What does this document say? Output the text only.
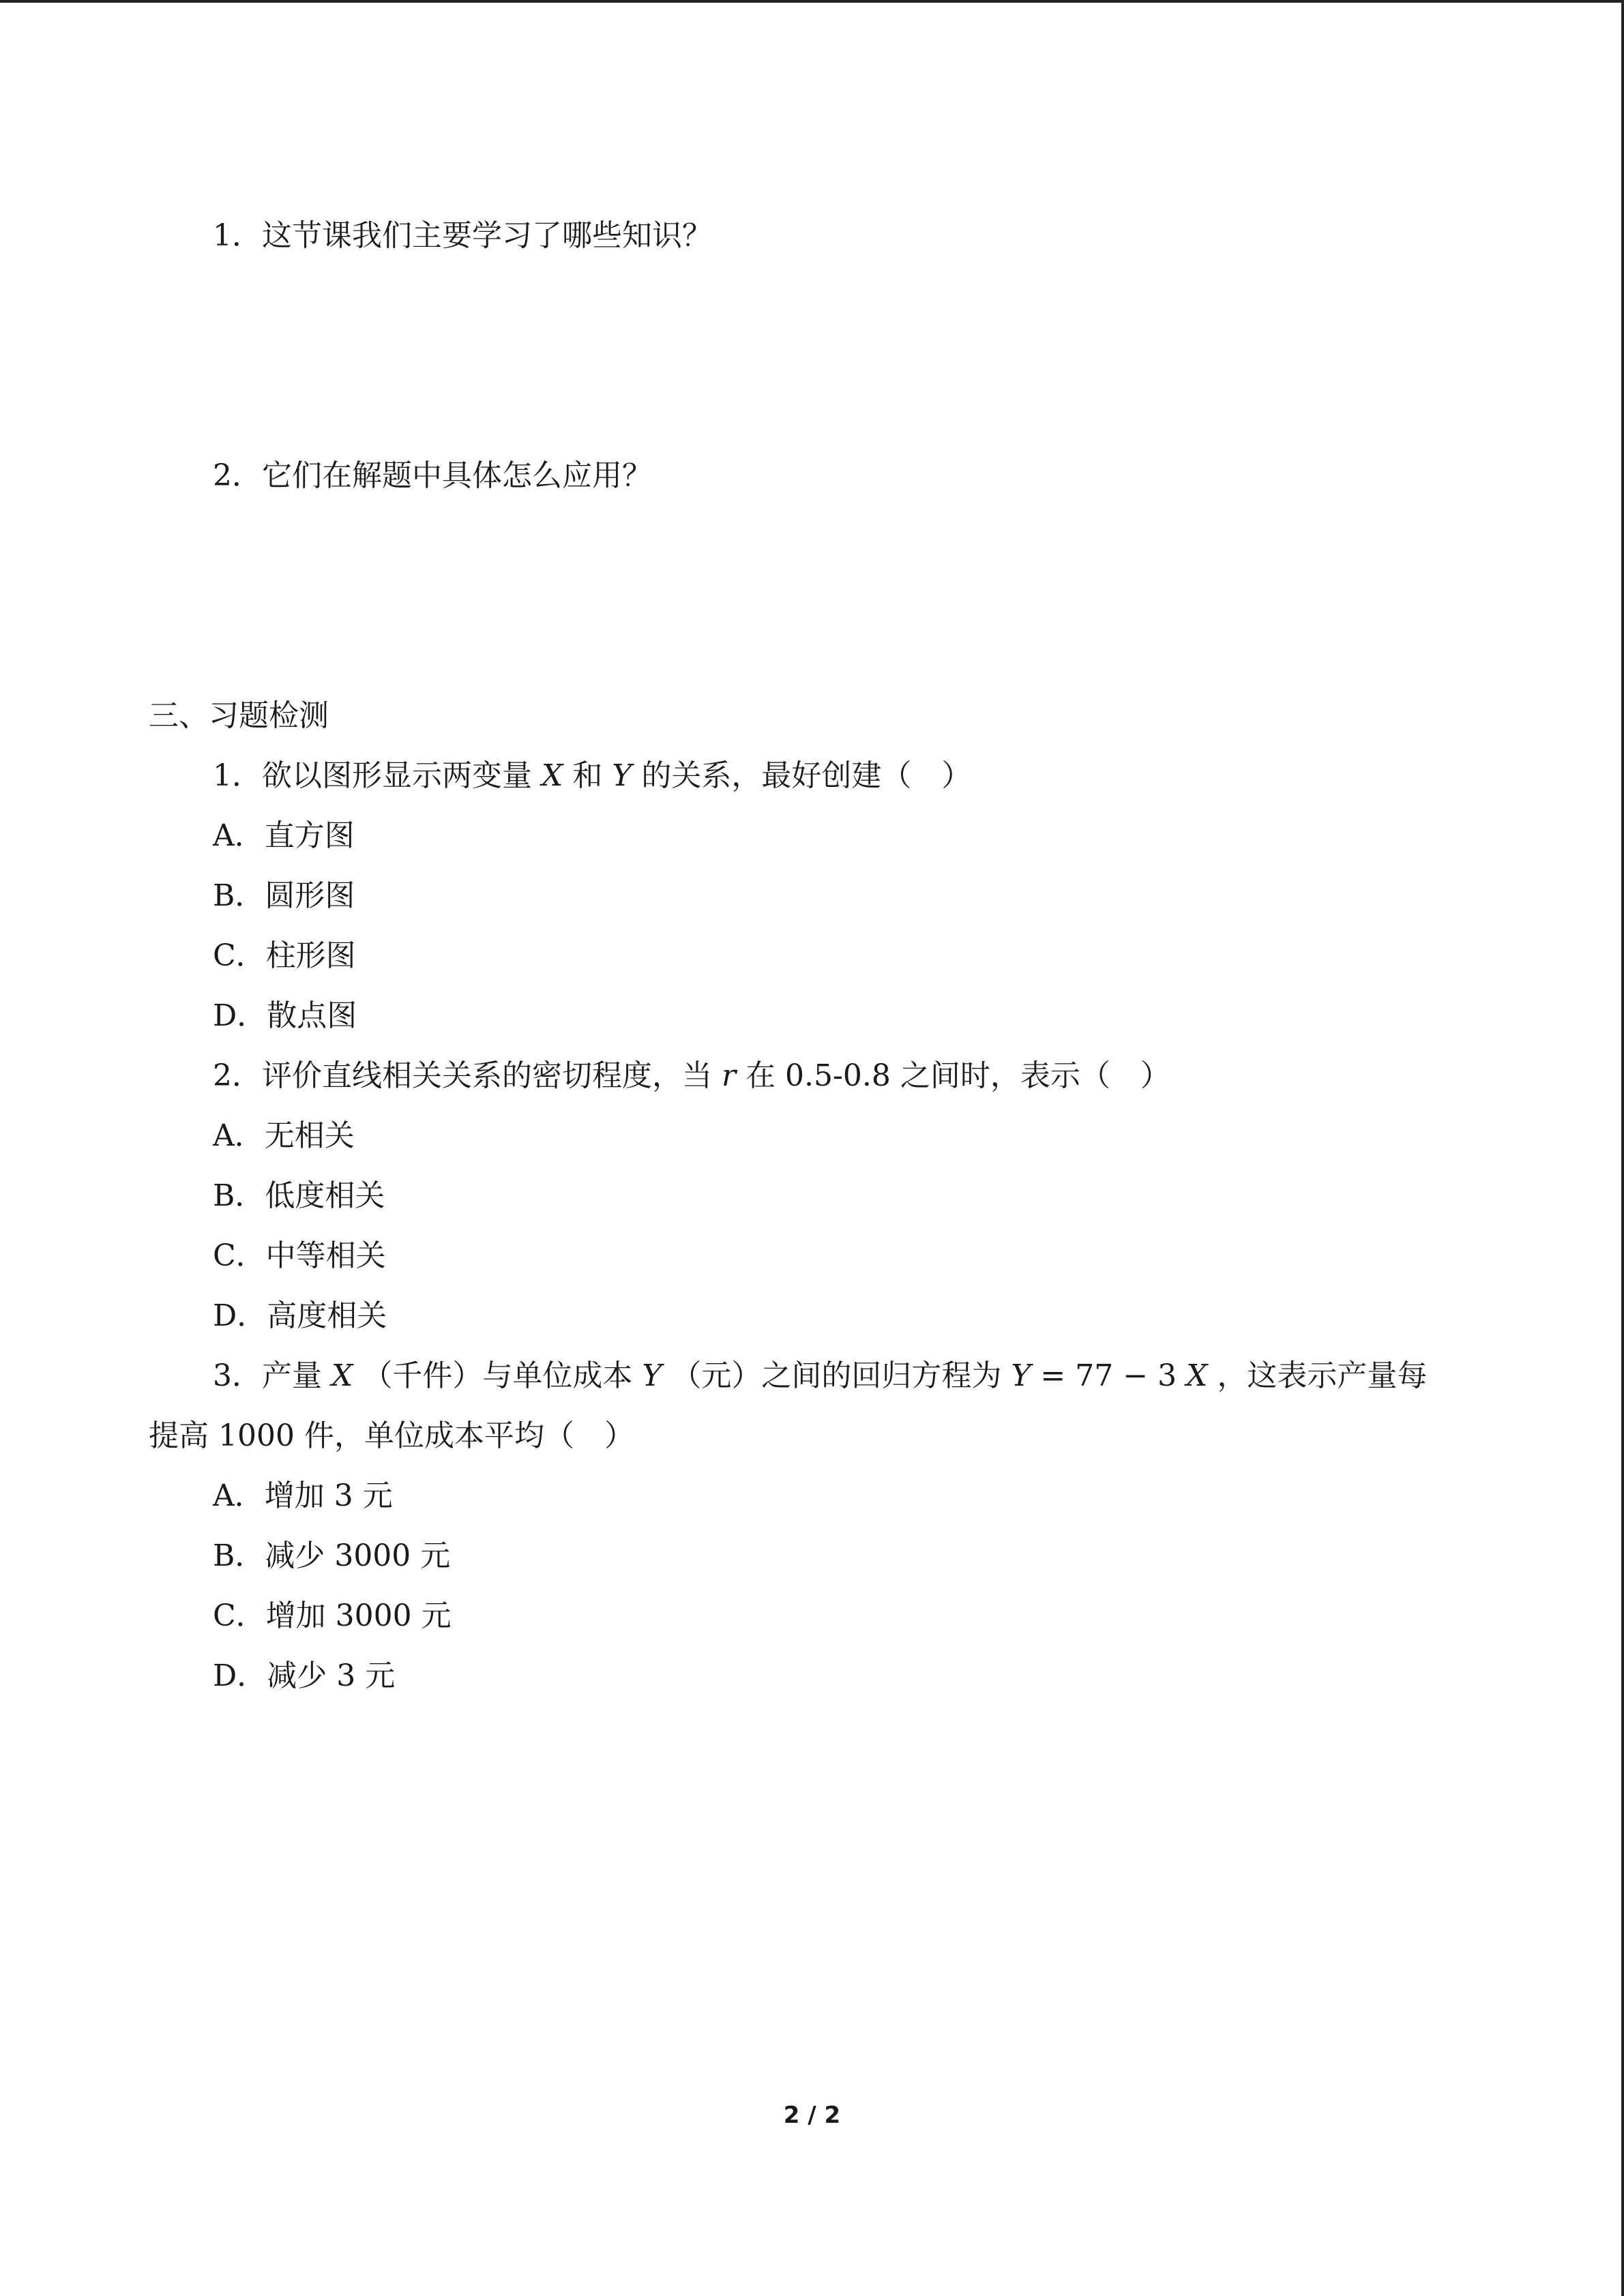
1．这节课我们主要学习了哪些知识？
2．它们在解题中具体怎么应用？
三、习题检测
1．欲以图形显示两变量 X 和 Y 的关系，最好创建（　）
A．直方图
B．圆形图
C．柱形图
D．散点图
2．评价直线相关关系的密切程度，当 r 在 0.5-0.8 之间时，表示（　）
A．无相关
B．低度相关
C．中等相关
D．高度相关
3．产量 X （千件）与单位成本 Y （元）之间的回归方程为 Y = 77 − 3 X ，这表示产量每
提高 1000 件，单位成本平均（　）
A．增加 3 元
B．减少 3000 元
C．增加 3000 元
D．减少 3 元
2 / 2
